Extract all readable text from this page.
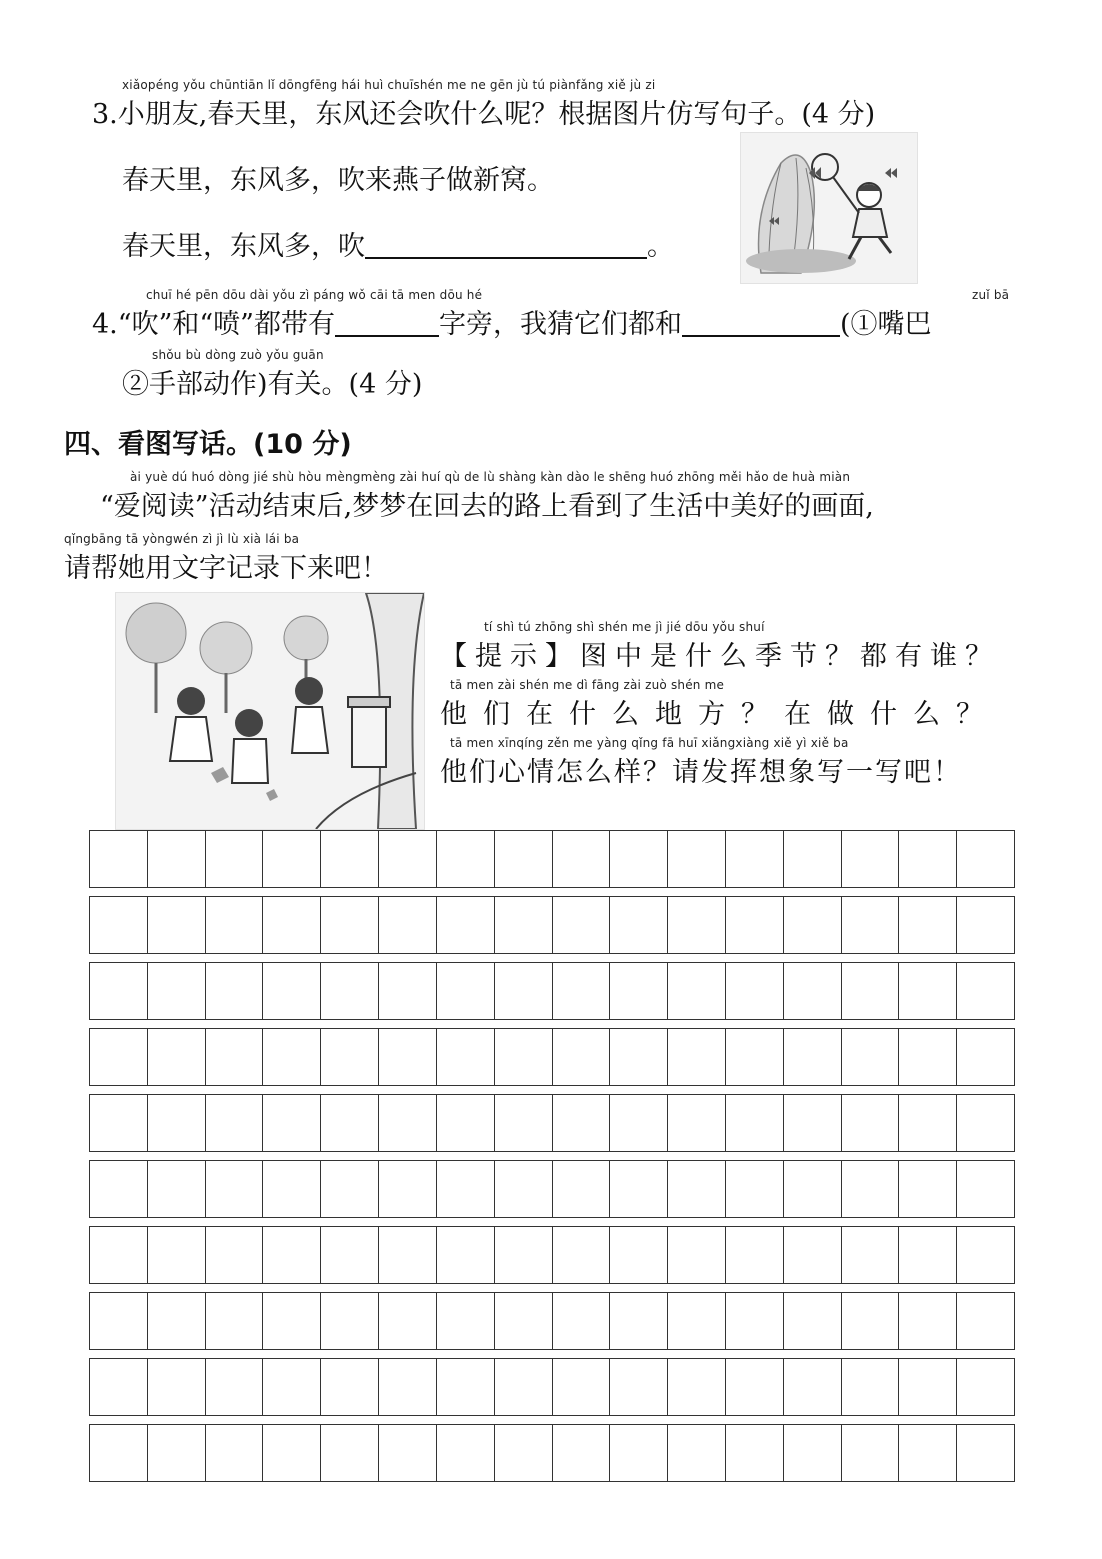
xiǎopéng yǒu chūntiān lǐ dōngfēng hái huì chuīshén me ne gēn jù tú piànfǎng xiě jù zi
3.小朋友,春天里，东风还会吹什么呢？根据图片仿写句子。(4 分)
春天里，东风多，吹来燕子做新窝。
春天里，东风多，吹	。
chuī hé pēn dōu dài yǒu zì páng wǒ cāi tā men dōu hé	zuǐ bā
4.“吹”和“喷”都带有	字旁，我猜它们都和	(①嘴巴
shǒu bù dòng zuò yǒu guān
②手部动作)有关。(4 分)
四、看图写话。(10 分)
ài yuè dú huó dòng jié shù hòu mèngmèng zài huí qù de lù shàng kàn dào le shēng huó zhōng měi hǎo de huà miàn
“爱阅读”活动结束后,梦梦在回去的路上看到了生活中美好的画面,
qǐngbāng tā yòngwén zì jì lù xià lái ba
请帮她用文字记录下来吧！
tí shì tú zhōng shì shén me jì jié dōu yǒu shuí
【提示】图中是什么季节？都有谁？
tā men zài shén me dì fāng zài zuò shén me
他们在什么地方？在做什么？
tā men xīnqíng zěn me yàng qǐng fā huī xiǎngxiàng xiě yì xiě ba
他们心情怎么样？请发挥想象写一写吧！
